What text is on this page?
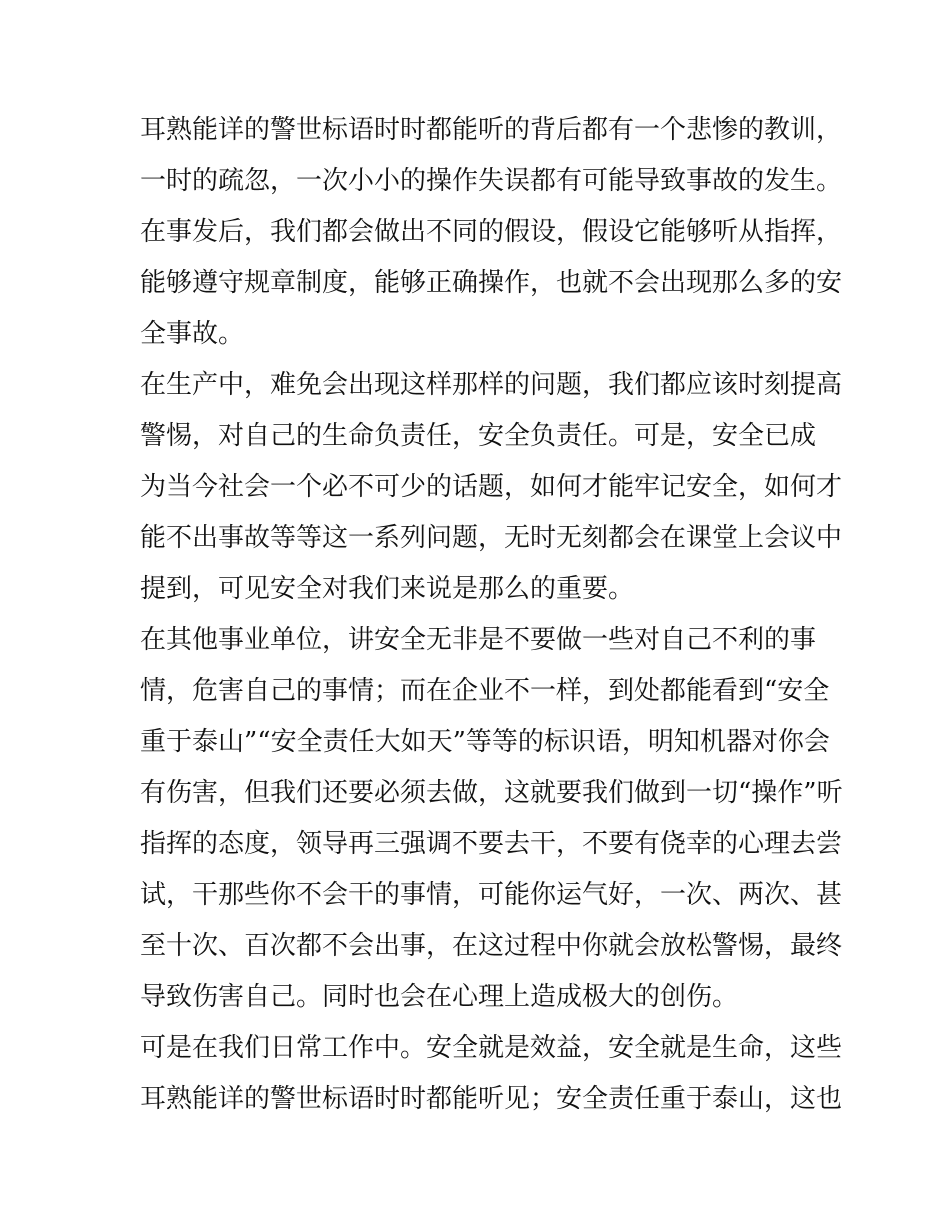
耳熟能详的警世标语时时都能听的背后都有一个悲惨的教训，
一时的疏忽，一次小小的操作失误都有可能导致事故的发生。
在事发后，我们都会做出不同的假设，假设它能够听从指挥，
能够遵守规章制度，能够正确操作，也就不会出现那么多的安
全事故。
在生产中，难免会出现这样那样的问题，我们都应该时刻提高
警惕，对自己的生命负责任，安全负责任。可是，安全已成
为当今社会一个必不可少的话题，如何才能牢记安全，如何才
能不出事故等等这一系列问题，无时无刻都会在课堂上会议中
提到，可见安全对我们来说是那么的重要。
在其他事业单位，讲安全无非是不要做一些对自己不利的事
情，危害自己的事情；而在企业不一样，到处都能看到“安全
重于泰山”“安全责任大如天”等等的标识语，明知机器对你会
有伤害，但我们还要必须去做，这就要我们做到一切“操作”听
指挥的态度，领导再三强调不要去干，不要有侥幸的心理去尝
试，干那些你不会干的事情，可能你运气好，一次、两次、甚
至十次、百次都不会出事，在这过程中你就会放松警惕，最终
导致伤害自己。同时也会在心理上造成极大的创伤。
可是在我们日常工作中。安全就是效益，安全就是生命，这些
耳熟能详的警世标语时时都能听见；安全责任重于泰山，这也
